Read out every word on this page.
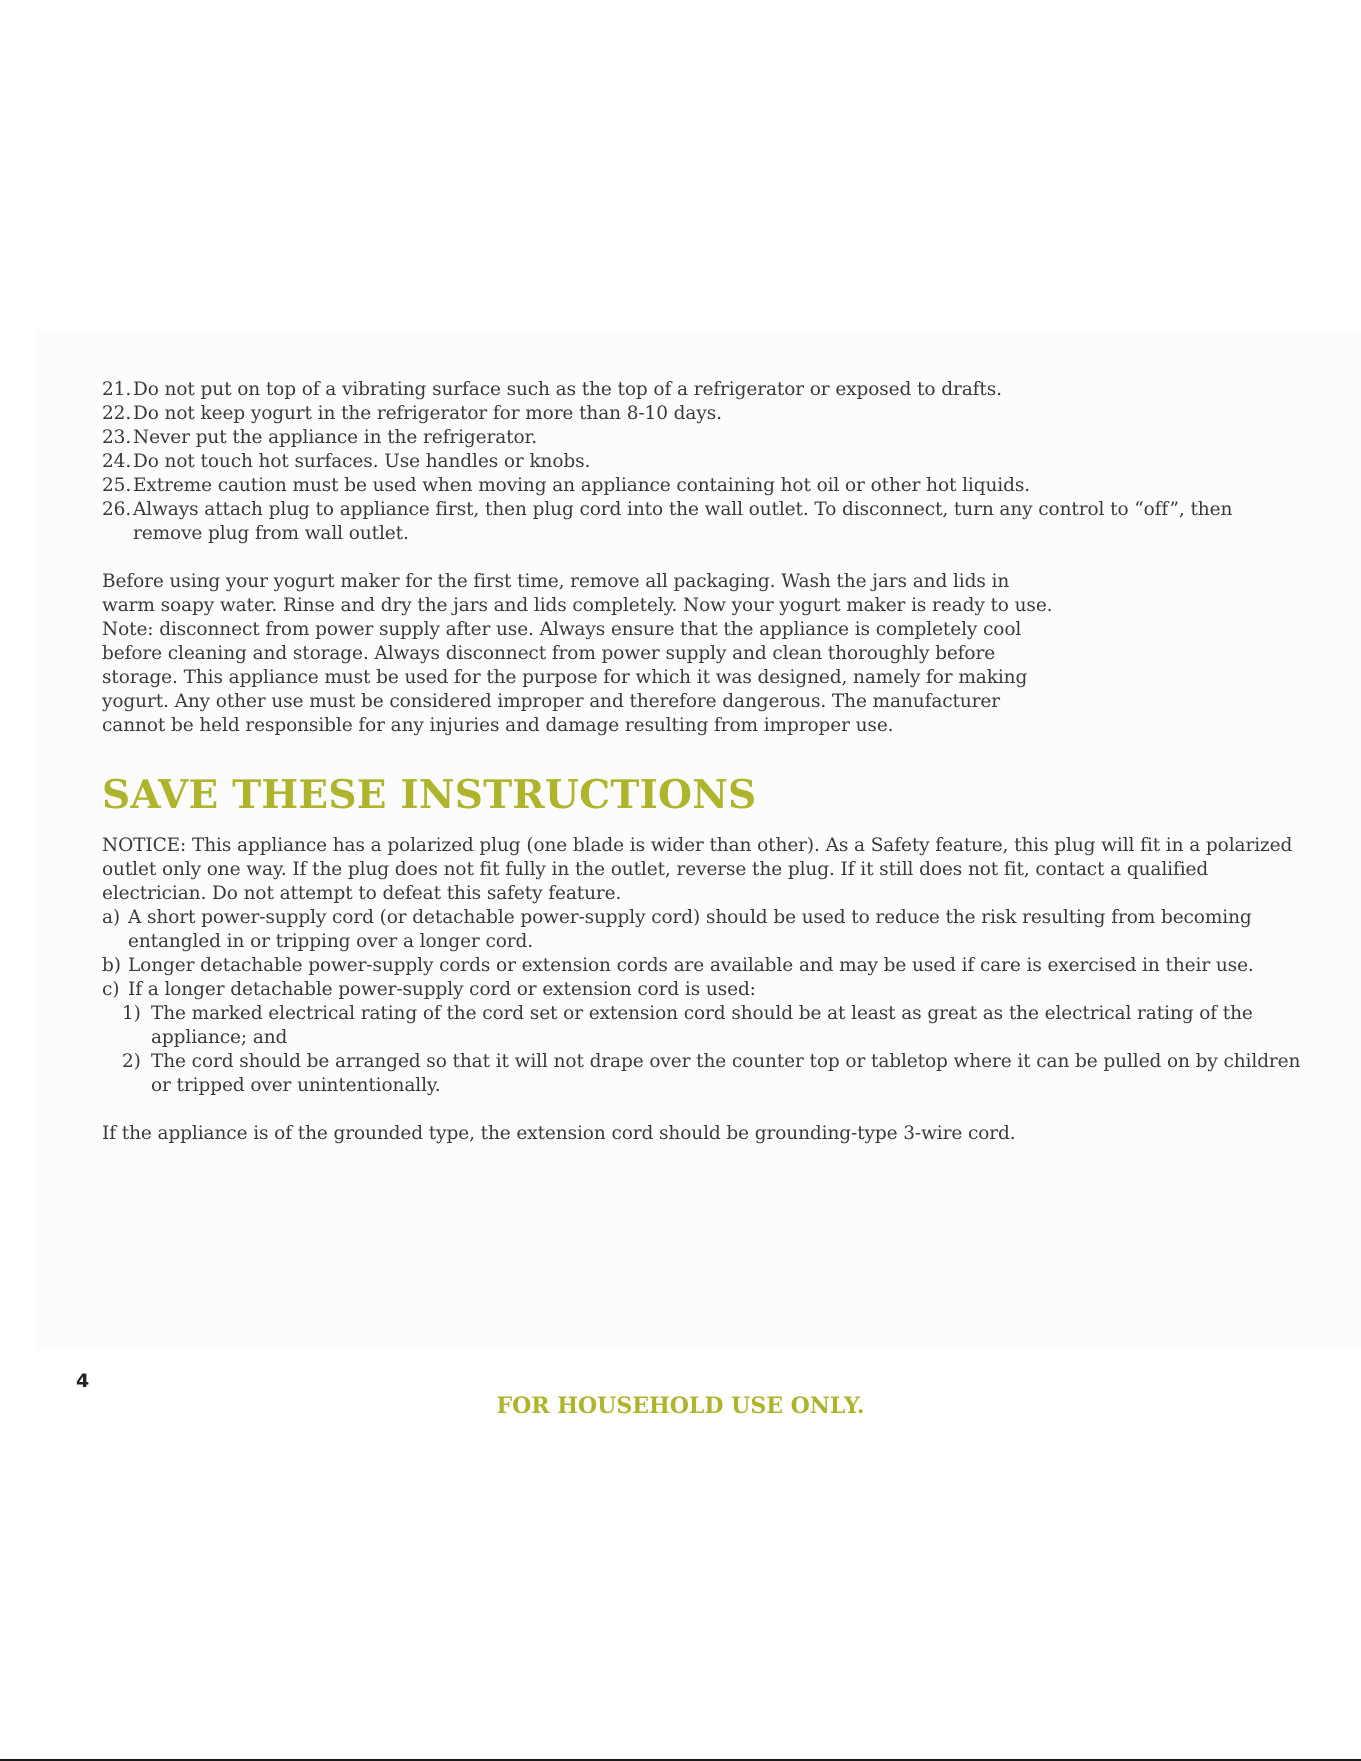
21. Do not put on top of a vibrating surface such as the top of a refrigerator or exposed to drafts.
22. Do not keep yogurt in the refrigerator for more than 8-10 days.
23. Never put the appliance in the refrigerator.
24. Do not touch hot surfaces. Use handles or knobs.
25. Extreme caution must be used when moving an appliance containing hot oil or other hot liquids.
26. Always attach plug to appliance first, then plug cord into the wall outlet. To disconnect, turn any control to “off”, then remove plug from wall outlet.

Before using your yogurt maker for the first time, remove all packaging. Wash the jars and lids in warm soapy water. Rinse and dry the jars and lids completely. Now your yogurt maker is ready to use. Note: disconnect from power supply after use. Always ensure that the appliance is completely cool before cleaning and storage. Always disconnect from power supply and clean thoroughly before storage. This appliance must be used for the purpose for which it was designed, namely for making yogurt. Any other use must be considered improper and therefore dangerous. The manufacturer cannot be held responsible for any injuries and damage resulting from improper use.

SAVE THESE INSTRUCTIONS

NOTICE: This appliance has a polarized plug (one blade is wider than other). As a Safety feature, this plug will fit in a polarized outlet only one way. If the plug does not fit fully in the outlet, reverse the plug. If it still does not fit, contact a qualified electrician. Do not attempt to defeat this safety feature.

a) A short power-supply cord (or detachable power-supply cord) should be used to reduce the risk resulting from becoming entangled in or tripping over a longer cord.
b) Longer detachable power-supply cords or extension cords are available and may be used if care is exercised in their use.
c) If a longer detachable power-supply cord or extension cord is used:
1) The marked electrical rating of the cord set or extension cord should be at least as great as the electrical rating of the appliance; and
2) The cord should be arranged so that it will not drape over the counter top or tabletop where it can be pulled on by children or tripped over unintentionally.

If the appliance is of the grounded type, the extension cord should be grounding-type 3-wire cord.

4
FOR HOUSEHOLD USE ONLY.
